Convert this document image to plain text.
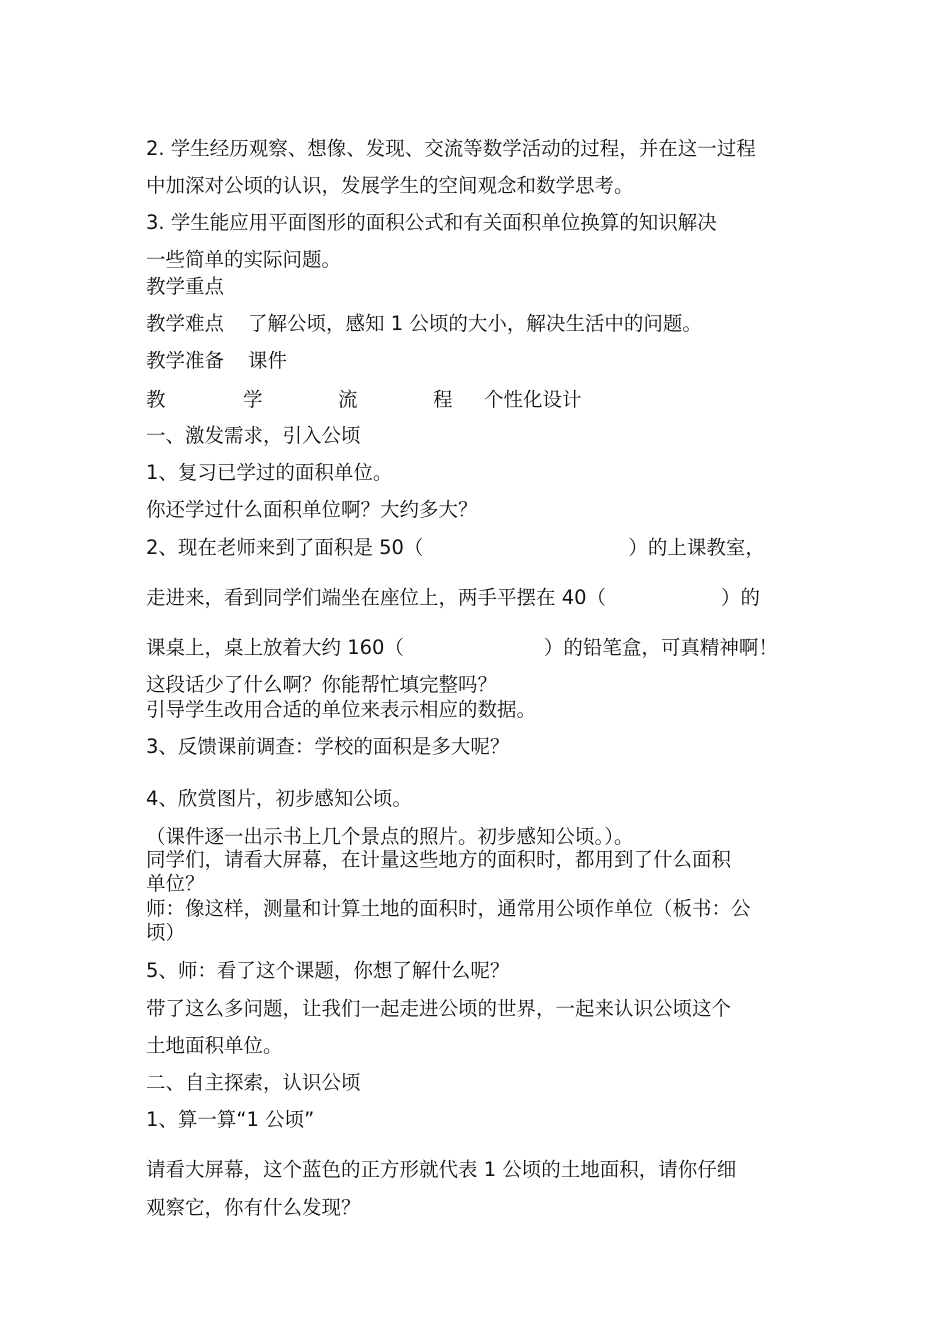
2. 学生经历观察、想像、发现、交流等数学活动的过程，并在这一过程
中加深对公顷的认识，发展学生的空间观念和数学思考。
3. 学生能应用平面图形的面积公式和有关面积单位换算的知识解决
一些简单的实际问题。
教学重点
教学难点 了解公顷，感知 1 公顷的大小，解决生活中的问题。
教学准备 课件
教	学	流	程 个性化设计
一、激发需求，引入公顷
1、复习已学过的面积单位。
你还学过什么面积单位啊？大约多大？
2、现在老师来到了面积是 50（	）的上课教室，
走进来，看到同学们端坐在座位上，两手平摆在 40（	）的
课桌上，桌上放着大约 160（	）的铅笔盒，可真精神啊！
这段话少了什么啊？你能帮忙填完整吗？
引导学生改用合适的单位来表示相应的数据。
3、反馈课前调查：学校的面积是多大呢？
4、欣赏图片，初步感知公顷。
（课件逐一出示书上几个景点的照片。初步感知公顷。）。
同学们，请看大屏幕，在计量这些地方的面积时，都用到了什么面积
单位？
师：像这样，测量和计算土地的面积时，通常用公顷作单位（板书：公
顷）
5、师：看了这个课题，你想了解什么呢？
带了这么多问题，让我们一起走进公顷的世界，一起来认识公顷这个
土地面积单位。
二、自主探索，认识公顷
1、算一算“1 公顷”
请看大屏幕，这个蓝色的正方形就代表 1 公顷的土地面积，请你仔细
观察它，你有什么发现？
